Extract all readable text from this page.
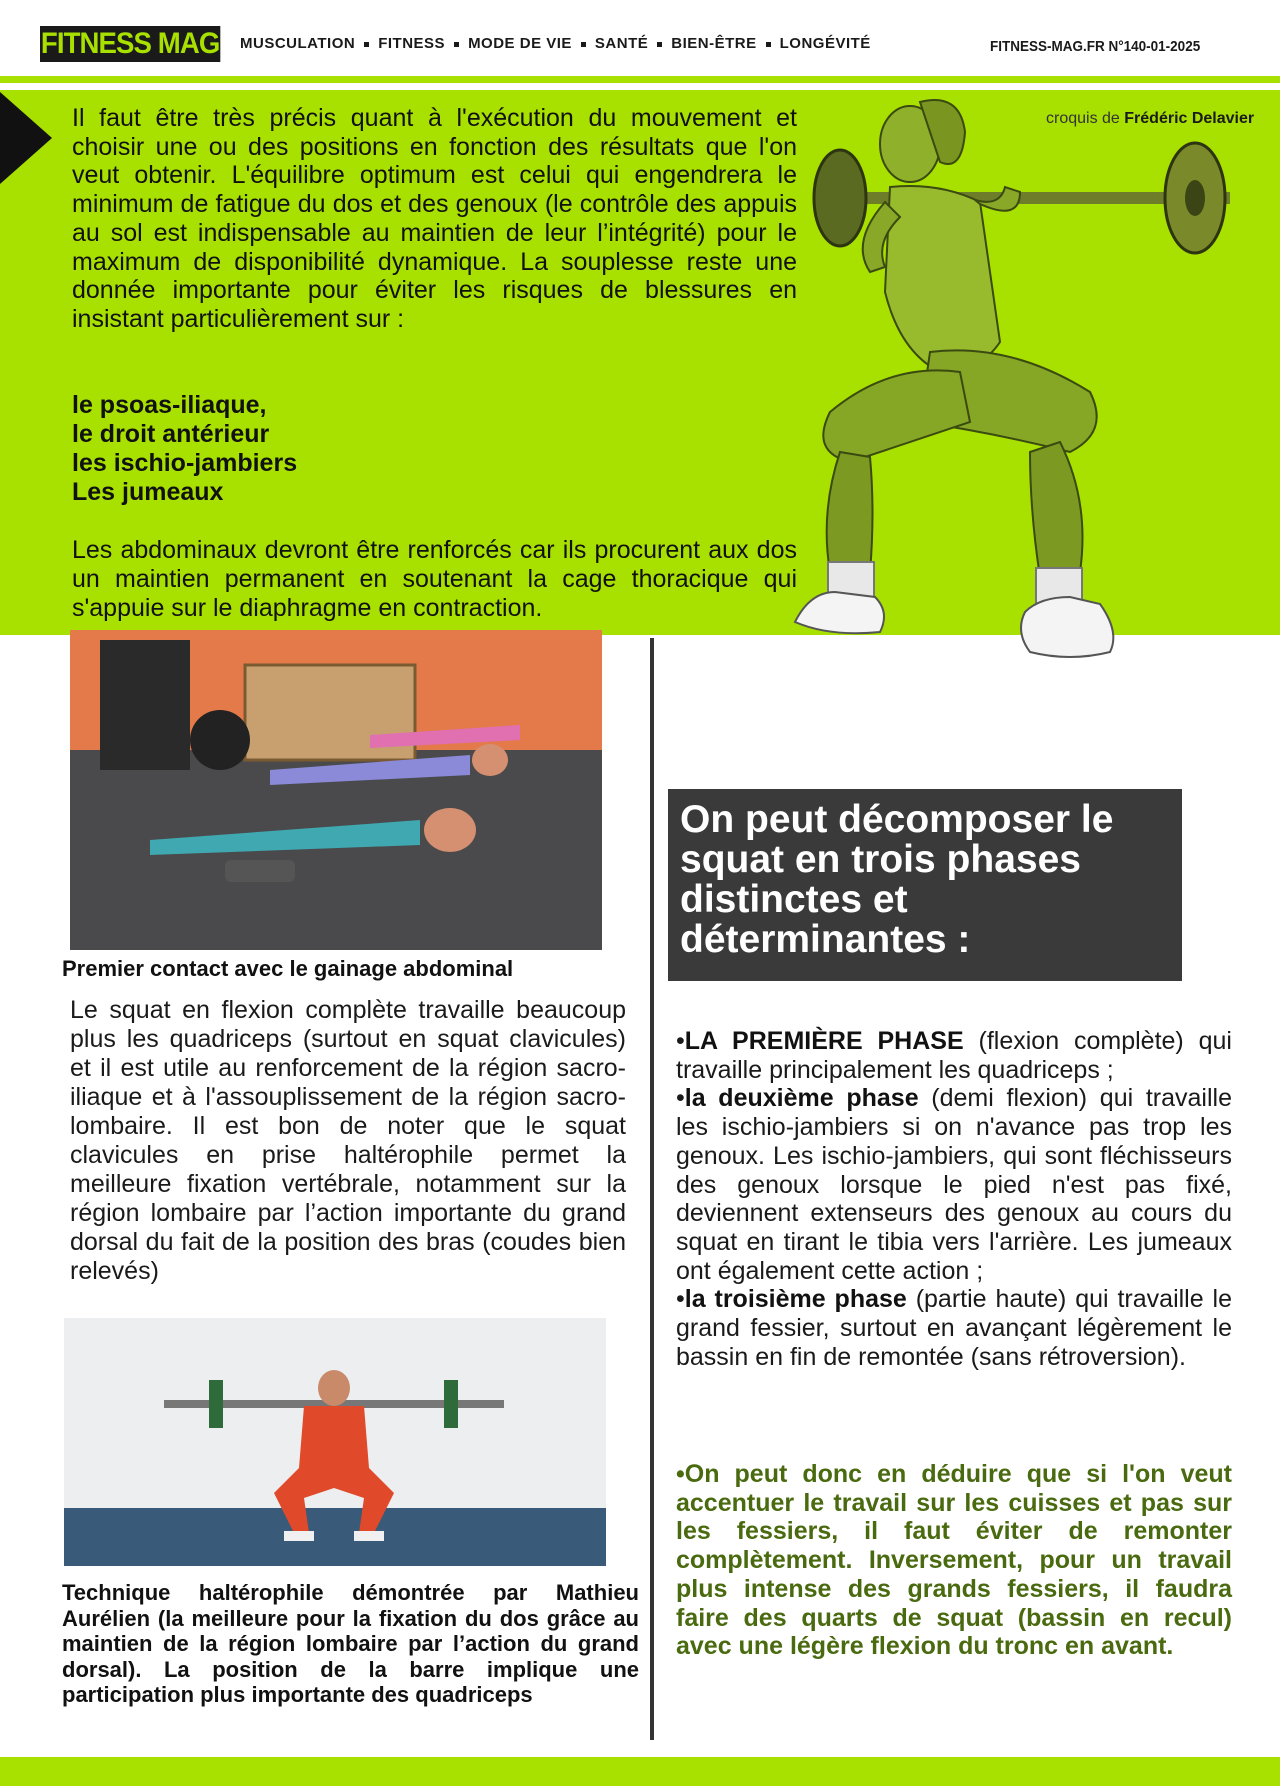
FITNESS MAG MUSCULATION FITNESS MODE DE VIE SANTÉ BIEN-ÊTRE LONGÉVITÉ	FITNESS-MAG.FR N°140-01-2025
Il faut être très précis quant à l'exécution du mouvement et choisir une ou des positions en fonction des résultats que l'on veut obtenir. L'équilibre optimum est celui qui engendrera le minimum de fatigue du dos et des genoux (le contrôle des appuis au sol est indispensable au maintien de leur l’intégrité) pour le maximum de disponibilité dynamique. La souplesse reste une donnée importante pour éviter les risques de blessures en insistant particulièrement sur :
le psoas-iliaque,
le droit antérieur
les ischio-jambiers
Les jumeaux
Les abdominaux devront être renforcés car ils procurent aux dos un maintien permanent en soutenant la cage thoracique qui s'appuie sur le diaphragme en contraction.
croquis de Frédéric Delavier
Premier contact avec le gainage abdominal
Le squat en flexion complète travaille beaucoup plus les quadriceps (surtout en squat clavicules) et il est utile au renforcement de la région sacro-iliaque et à l'assouplissement de la région sacro-lombaire. Il est bon de noter que le squat clavicules en prise haltérophile permet la meilleure fixation vertébrale, notamment sur la région lombaire par l’action importante du grand dorsal du fait de la position des bras (coudes bien relevés)
Technique haltérophile démontrée par Mathieu Aurélien (la meilleure pour la fixation du dos grâce au maintien de la région lombaire par l’action du grand dorsal). La position de la barre implique une participation plus importante des quadriceps
On peut décomposer le squat en trois phases distinctes et déterminantes :

•LA PREMIÈRE PHASE (flexion complète) qui travaille principalement les quadriceps ;

•la deuxième phase (demi flexion) qui travaille les ischio-jambiers si on n'avance pas trop les genoux. Les ischio-jambiers, qui sont fléchisseurs des genoux lorsque le pied n'est pas fixé, deviennent extenseurs des genoux au cours du squat en tirant le tibia vers l'arrière. Les jumeaux ont également cette action ;

•la troisième phase (partie haute) qui travaille le grand fessier, surtout en avançant légèrement le bassin en fin de remontée (sans rétroversion).

•On peut donc en déduire que si l'on veut accentuer le travail sur les cuisses et pas sur les fessiers, il faut éviter de remonter complètement. Inversement, pour un travail plus intense des grands fessiers, il faudra faire des quarts de squat (bassin en recul) avec une légère flexion du tronc en avant.
